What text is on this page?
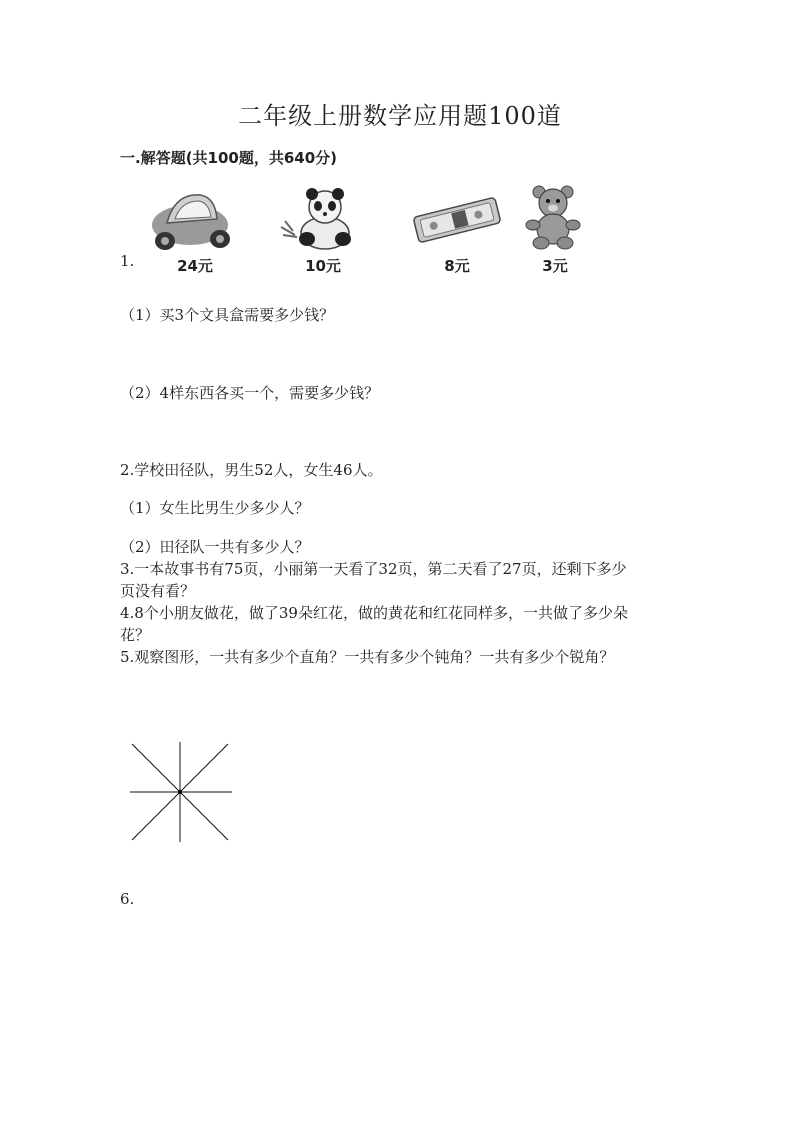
二年级上册数学应用题100道
一.解答题(共100题，共640分)
1.	24元	10元	8元	3元
（1）买3个文具盒需要多少钱？
（2）4样东西各买一个，需要多少钱？
2.学校田径队，男生52人，女生46人。
（1）女生比男生少多少人？
（2）田径队一共有多少人？
3.一本故事书有75页，小丽第一天看了32页，第二天看了27页，还剩下多少
页没有看？
4.8个小朋友做花，做了39朵红花，做的黄花和红花同样多，一共做了多少朵
花？
5.观察图形，一共有多少个直角？一共有多少个钝角？一共有多少个锐角？
6.
